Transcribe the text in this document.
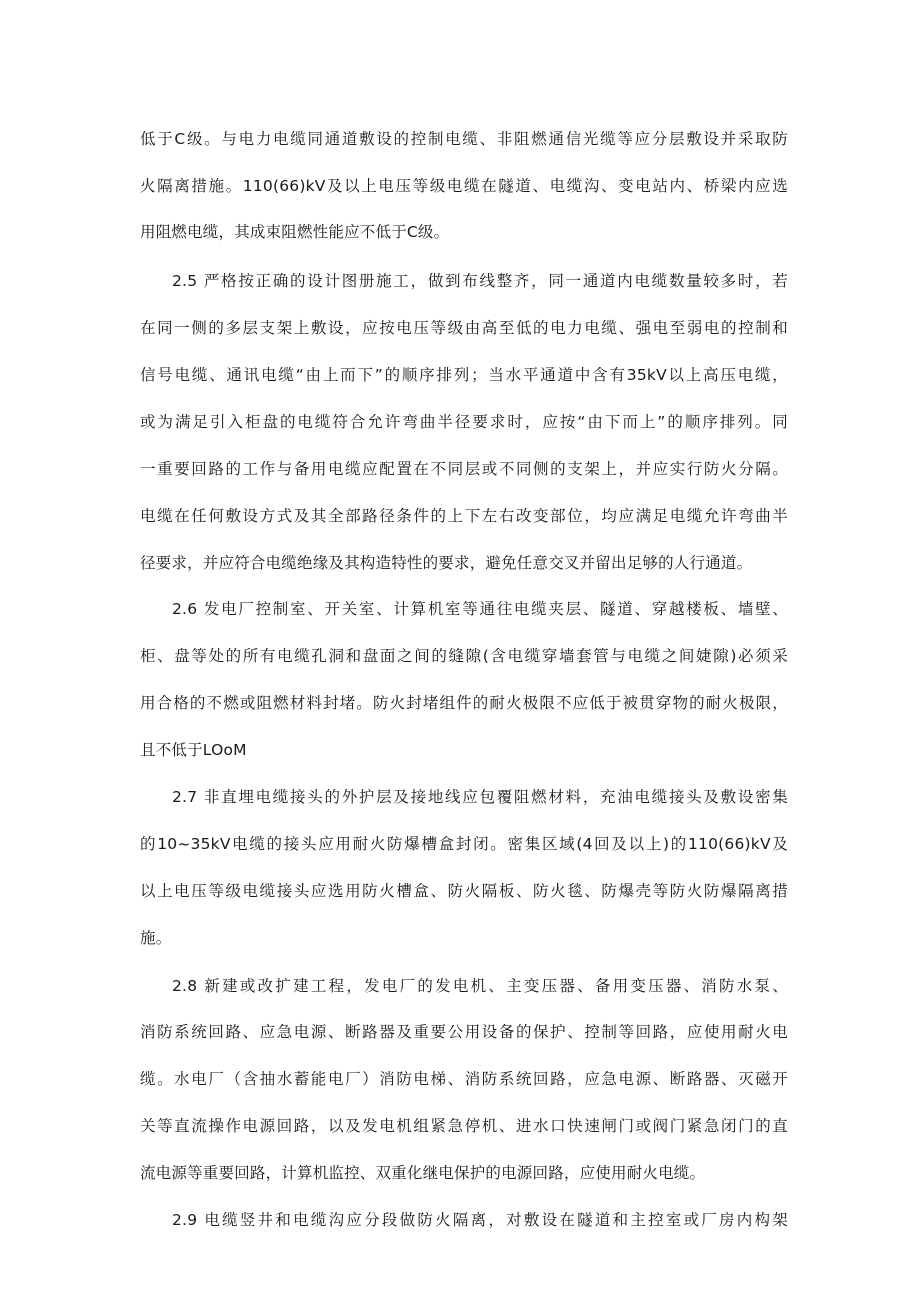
低于C级。与电力电缆同通道敷设的控制电缆、非阻燃通信光缆等应分层敷设并采取防
火隔离措施。110(66)kV及以上电压等级电缆在隧道、电缆沟、变电站内、桥梁内应选
用阻燃电缆，其成束阻燃性能应不低于C级。
2.5 严格按正确的设计图册施工，做到布线整齐，同一通道内电缆数量较多时，若
在同一侧的多层支架上敷设，应按电压等级由高至低的电力电缆、强电至弱电的控制和
信号电缆、通讯电缆“由上而下”的顺序排列；当水平通道中含有35kV以上高压电缆，
或为满足引入柜盘的电缆符合允许弯曲半径要求时，应按“由下而上”的顺序排列。同
一重要回路的工作与备用电缆应配置在不同层或不同侧的支架上，并应实行防火分隔。
电缆在任何敷设方式及其全部路径条件的上下左右改变部位，均应满足电缆允许弯曲半
径要求，并应符合电缆绝缘及其构造特性的要求，避免任意交叉并留出足够的人行通道。
2.6 发电厂控制室、开关室、计算机室等通往电缆夹层、隧道、穿越楼板、墙壁、
柜、盘等处的所有电缆孔洞和盘面之间的缝隙(含电缆穿墙套管与电缆之间婕隙)必须采
用合格的不燃或阻燃材料封堵。防火封堵组件的耐火极限不应低于被贯穿物的耐火极限，
且不低于LOoM
2.7 非直埋电缆接头的外护层及接地线应包覆阻燃材料，充油电缆接头及敷设密集
的10~35kV电缆的接头应用耐火防爆槽盒封闭。密集区域(4回及以上)的110(66)kV及
以上电压等级电缆接头应选用防火槽盒、防火隔板、防火毯、防爆壳等防火防爆隔离措
施。
2.8 新建或改扩建工程，发电厂的发电机、主变压器、备用变压器、消防水泵、
消防系统回路、应急电源、断路器及重要公用设备的保护、控制等回路，应使用耐火电
缆。水电厂（含抽水蓄能电厂）消防电梯、消防系统回路，应急电源、断路器、灭磁开
关等直流操作电源回路，以及发电机组紧急停机、进水口快速闸门或阀门紧急闭门的直
流电源等重要回路，计算机监控、双重化继电保护的电源回路，应使用耐火电缆。
2.9 电缆竖井和电缆沟应分段做防火隔离，对敷设在隧道和主控室或厂房内构架
